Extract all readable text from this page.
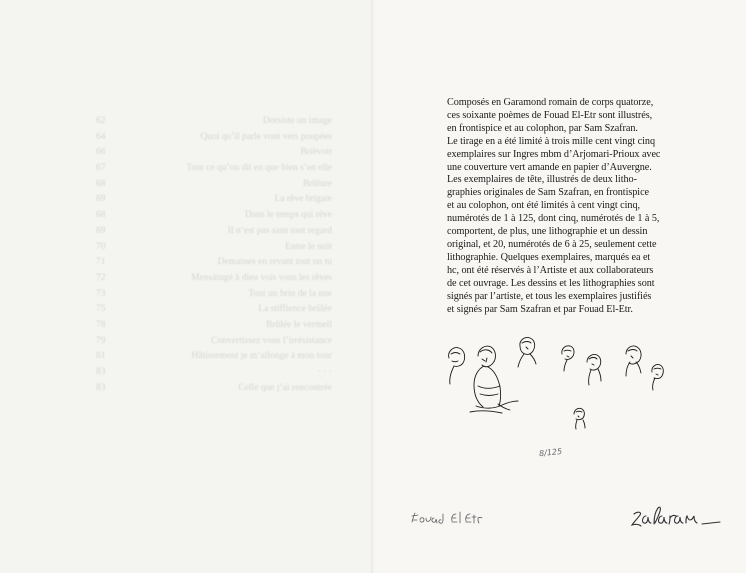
62	Dorsiste un image
64	Quoi qu’il parle vont vers poupées
66	Brièvoir
67	Tout ce qu’on dit en que bien s’en elle
68	Brûlure
69	La rêve brigate
68	Dans le temps qui rêve
69	Il n’est pas sans tout regard
70	Entre le nuit
71	Demaines en revant tout un tu
72	Mensàingé à dieu vois vous les rêves
73	Tout un brin de la nue
75	La stiffience brûlée
78	Brûlée le vermeil
79	Convertissez vous l’irrésistance
81	Hâtissement je m’allonge à mon tour
83	· · ·
83	Celle que j’ai rencontrée
Composés en Garamond romain de corps quatorze,
ces soixante poèmes de Fouad El-Etr sont illustrés,
en frontispice et au colophon, par Sam Szafran.
Le tirage en a été limité à trois mille cent vingt cinq
exemplaires sur Ingres mbm d’Arjomari-Prioux avec
une couverture vert amande en papier d’Auvergne.
Les exemplaires de tête, illustrés de deux litho-
graphies originales de Sam Szafran, en frontispice
et au colophon, ont été limités à cent vingt cinq,
numérotés de 1 à 125, dont cinq, numérotés de 1 à 5,
comportent, de plus, une lithographie et un dessin
original, et 20, numérotés de 6 à 25, seulement cette
lithographie. Quelques exemplaires, marqués ea et
hc, ont été réservés à l’Artiste et aux collaborateurs
de cet ouvrage. Les dessins et les lithographies sont
signés par l’artiste, et tous les exemplaires justifiés
et signés par Sam Szafran et par Fouad El-Etr.
8/125
